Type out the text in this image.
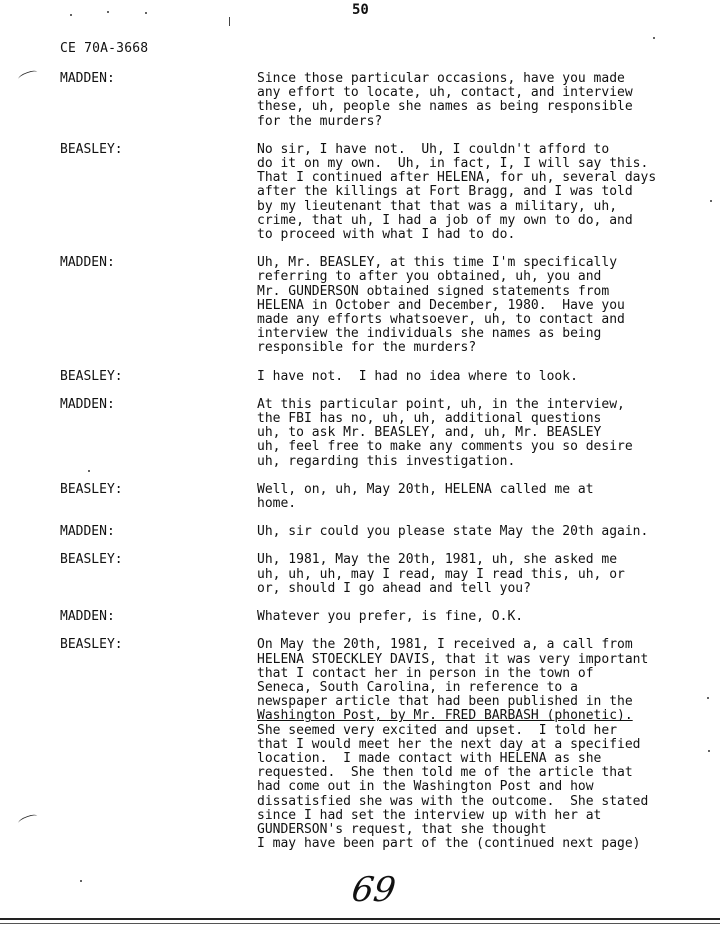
50
CE 70A-3668
MADDEN:	Since those particular occasions, have you made
any effort to locate, uh, contact, and interview
these, uh, people she names as being responsible
for the murders?
BEASLEY:	No sir, I have not.  Uh, I couldn't afford to
do it on my own.  Uh, in fact, I, I will say this.
That I continued after HELENA, for uh, several days
after the killings at Fort Bragg, and I was told
by my lieutenant that that was a military, uh,
crime, that uh, I had a job of my own to do, and
to proceed with what I had to do.
MADDEN:	Uh, Mr. BEASLEY, at this time I'm specifically
referring to after you obtained, uh, you and
Mr. GUNDERSON obtained signed statements from
HELENA in October and December, 1980.  Have you
made any efforts whatsoever, uh, to contact and
interview the individuals she names as being
responsible for the murders?
BEASLEY:	I have not.  I had no idea where to look.
MADDEN:	At this particular point, uh, in the interview,
the FBI has no, uh, uh, additional questions
uh, to ask Mr. BEASLEY, and, uh, Mr. BEASLEY
uh, feel free to make any comments you so desire
uh, regarding this investigation.
BEASLEY:	Well, on, uh, May 20th, HELENA called me at
home.
MADDEN:	Uh, sir could you please state May the 20th again.
BEASLEY:	Uh, 1981, May the 20th, 1981, uh, she asked me
uh, uh, uh, may I read, may I read this, uh, or
or, should I go ahead and tell you?
MADDEN:	Whatever you prefer, is fine, O.K.
BEASLEY:	On May the 20th, 1981, I received a, a call from
HELENA STOECKLEY DAVIS, that it was very important
that I contact her in person in the town of
Seneca, South Carolina, in reference to a
newspaper article that had been published in the
Washington Post, by Mr. FRED BARBASH (phonetic).
She seemed very excited and upset.  I told her
that I would meet her the next day at a specified
location.  I made contact with HELENA as she
requested.  She then told me of the article that
had come out in the Washington Post and how
dissatisfied she was with the outcome.  She stated
since I had set the interview up with her at
GUNDERSON's request, that she thought
I may have been part of the (continued next page)
69
